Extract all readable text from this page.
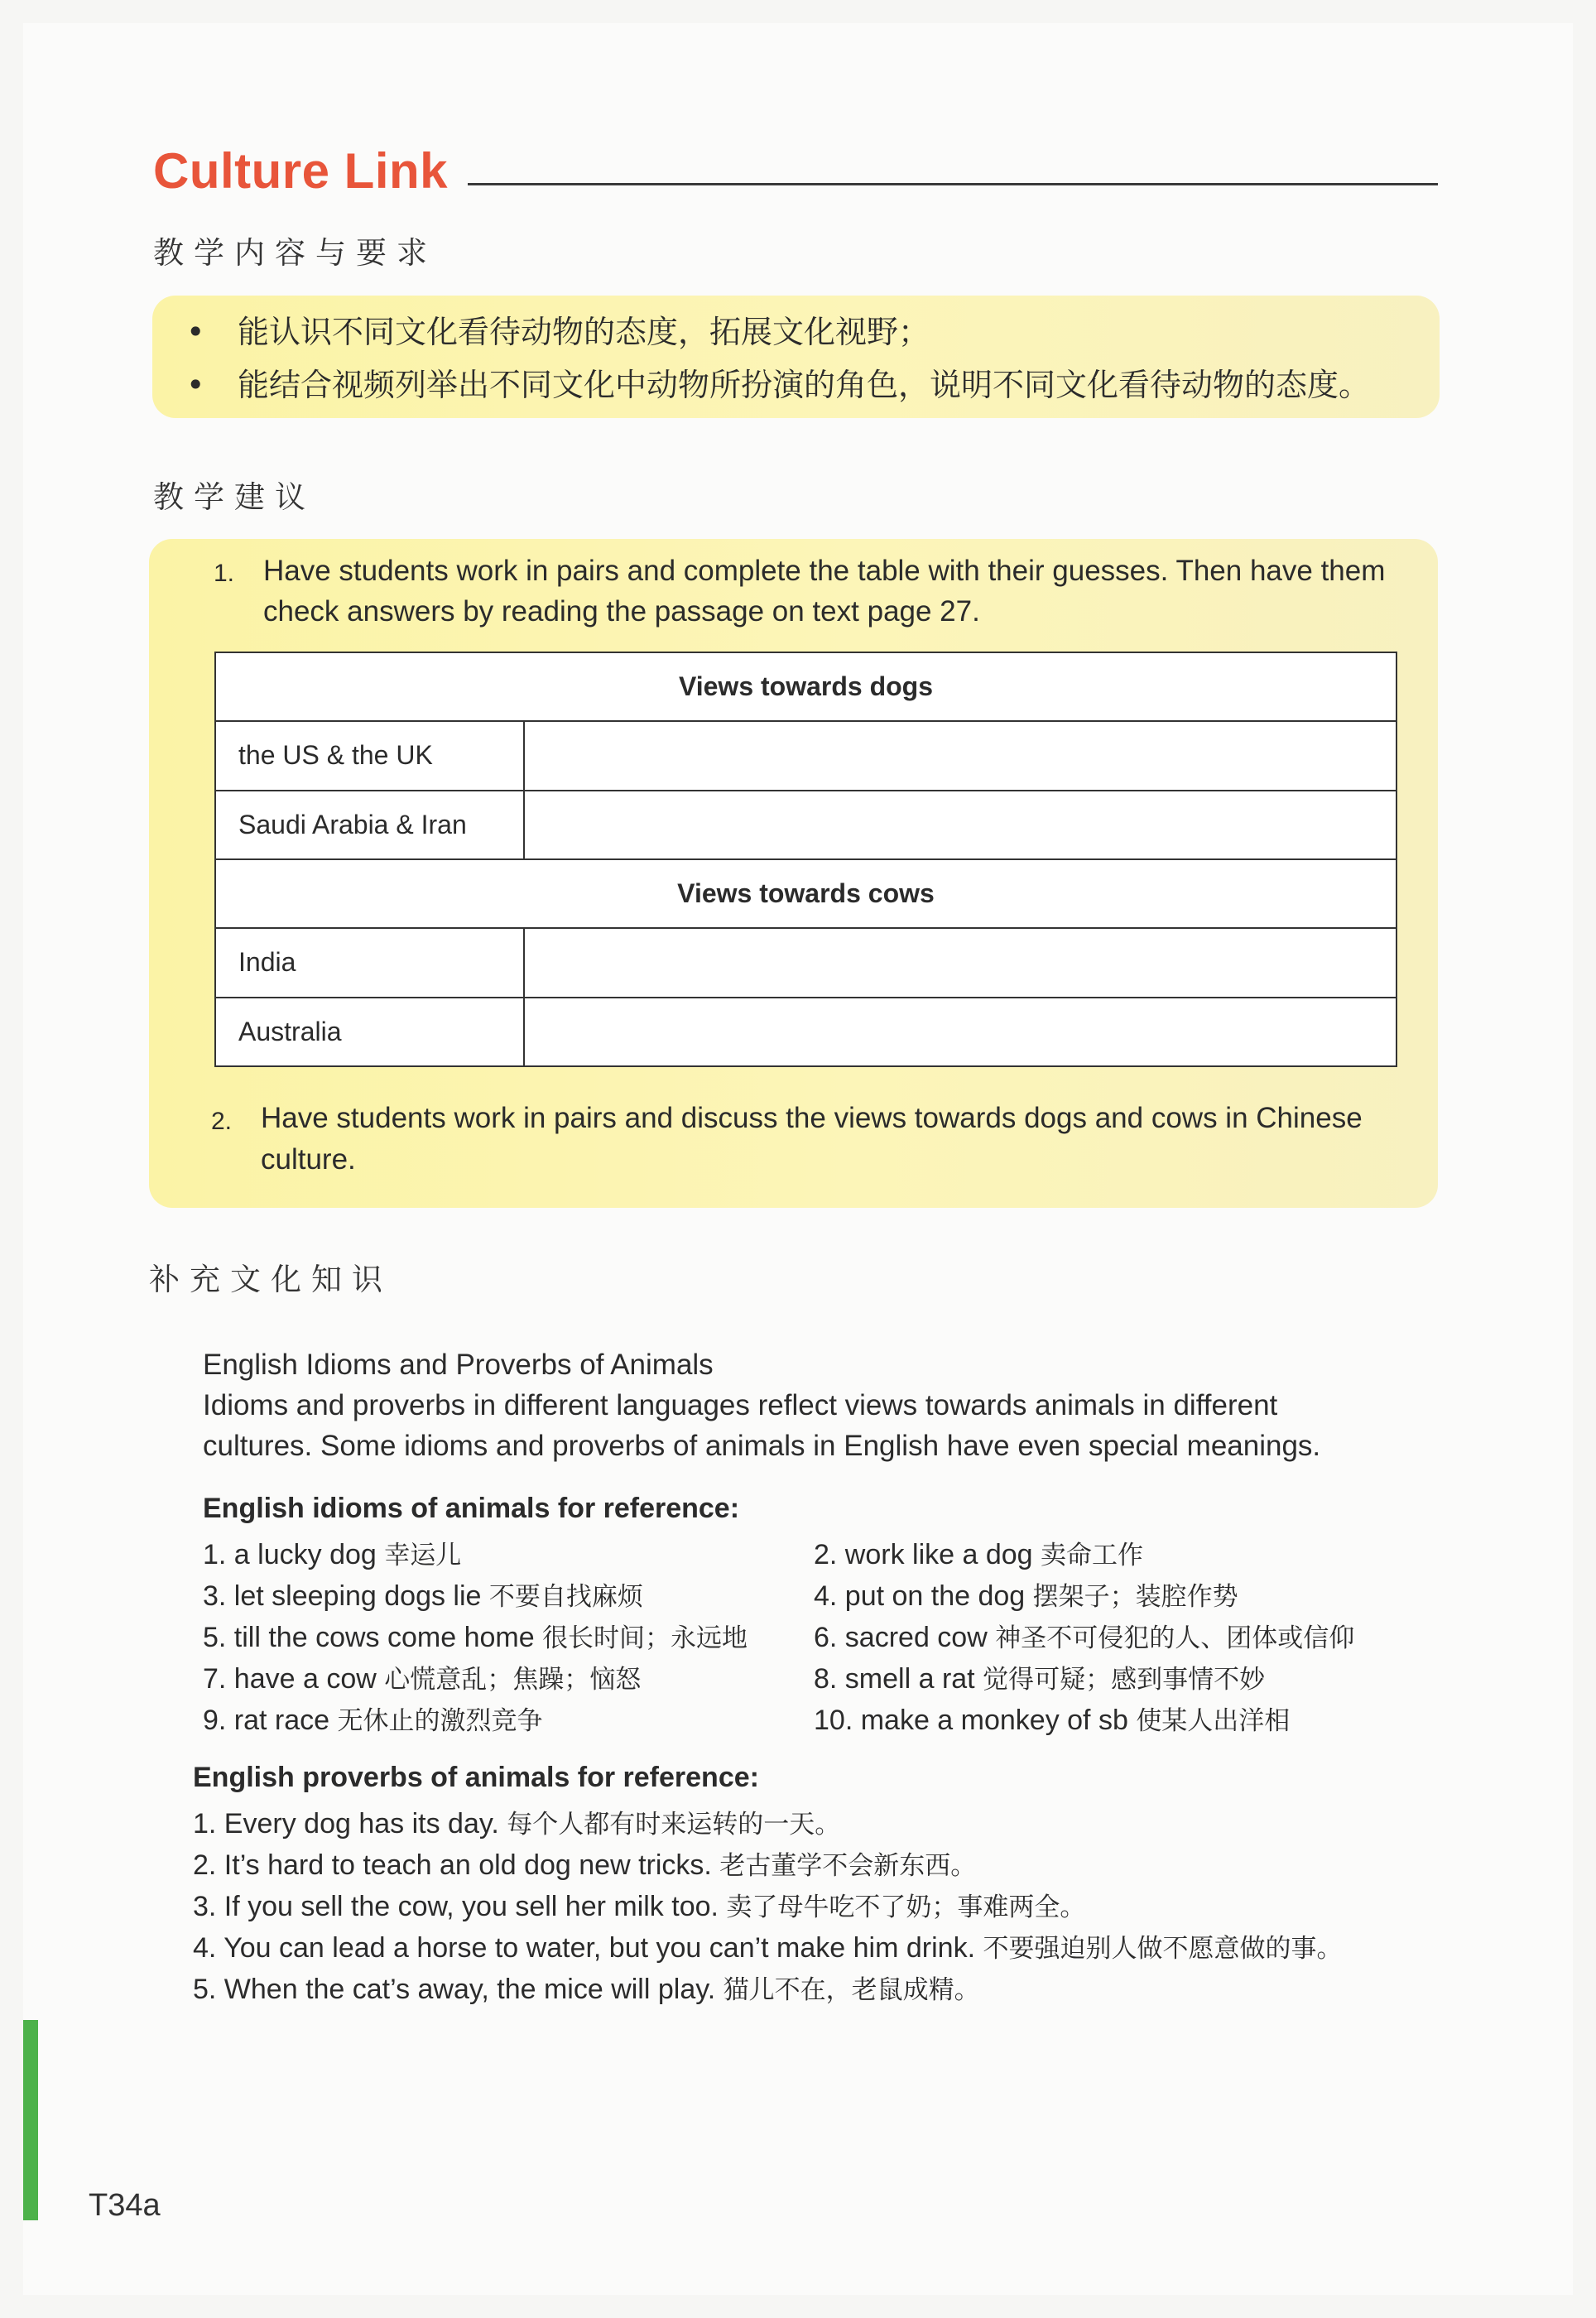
Culture Link
教学内容与要求
• 能认识不同文化看待动物的态度，拓展文化视野；
• 能结合视频列举出不同文化中动物所扮演的角色，说明不同文化看待动物的态度。
教学建议
1. Have students work in pairs and complete the table with their guesses. Then have them
check answers by reading the passage on text page 27.
Views towards dogs	
the US & the UK	
Saudi Arabia & Iran	
Views towards cows	
India	
Australia	
2. Have students work in pairs and discuss the views towards dogs and cows in Chinese
culture.
补充文化知识
English Idioms and Proverbs of Animals
Idioms and proverbs in different languages reflect views towards animals in different
cultures. Some idioms and proverbs of animals in English have even special meanings.
English idioms of animals for reference:
1. a lucky dog 幸运儿	2. work like a dog 卖命工作
3. let sleeping dogs lie 不要自找麻烦	4. put on the dog 摆架子；装腔作势
5. till the cows come home 很长时间；永远地 6. sacred cow 神圣不可侵犯的人、团体或信仰
7. have a cow 心慌意乱；焦躁；恼怒	8. smell a rat 觉得可疑；感到事情不妙
9. rat race 无休止的激烈竞争	10. make a monkey of sb 使某人出洋相
English proverbs of animals for reference:
1. Every dog has its day. 每个人都有时来运转的一天。
2. It’s hard to teach an old dog new tricks. 老古董学不会新东西。
3. If you sell the cow, you sell her milk too. 卖了母牛吃不了奶；事难两全。
4. You can lead a horse to water, but you can’t make him drink. 不要强迫别人做不愿意做的事。
5. When the cat’s away, the mice will play. 猫儿不在，老鼠成精。
T34a
